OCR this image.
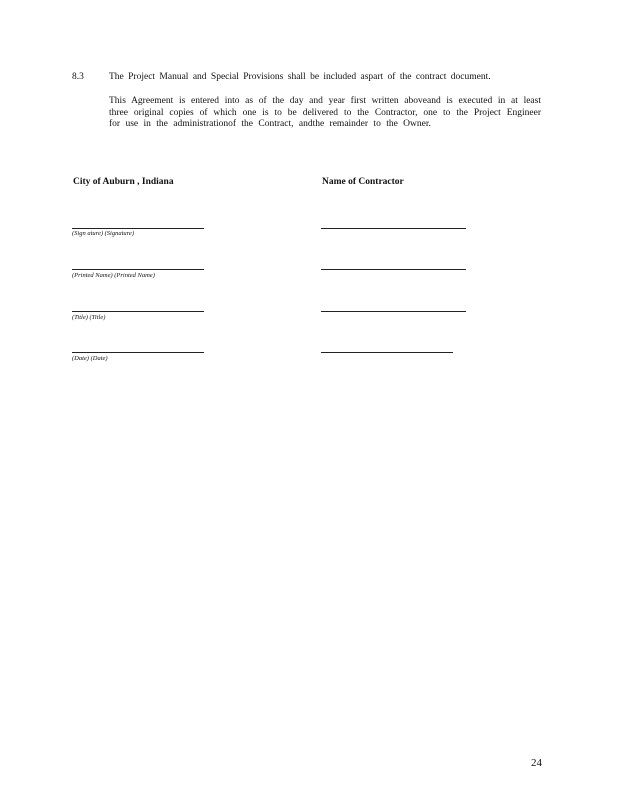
8.3	The Project Manual and Special Provisions shall be included aspart of the contract document.
This Agreement is entered into as of the day and year first written aboveand is executed in at least three original copies of which one is to be delivered to the Contractor, one to the Project Engineer for use in the administrationof the Contract, andthe remainder to the Owner.
City of Auburn , Indiana	Name of Contractor
(Sign ature) (Signature)
(Printed Name) (Printed Name)
(Title) (Title)
(Date) (Date)
24
